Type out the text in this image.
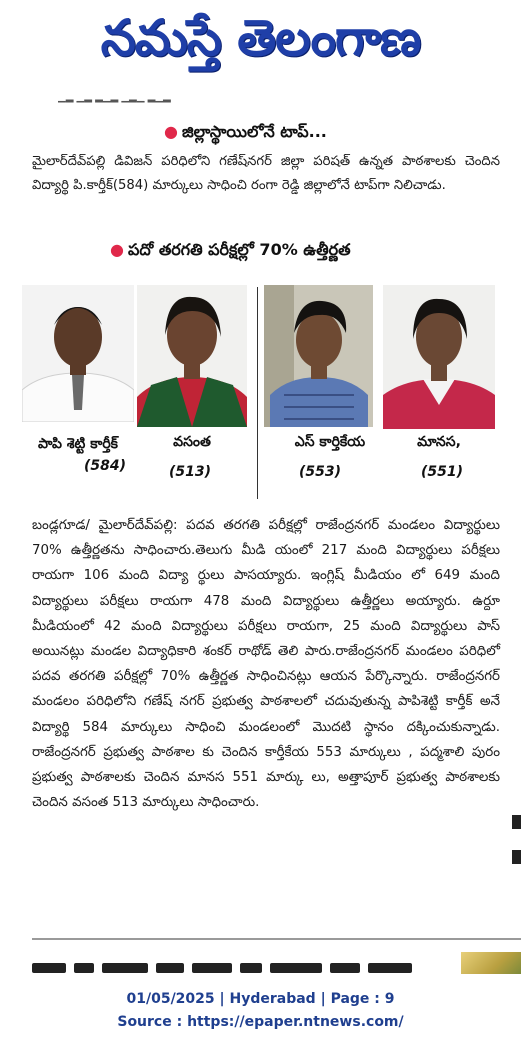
నమస్తే తెలంగాణ
▁▂ ▁▂ ▂▁▂ ▁▂▁ ▂▁▂
● జిల్లాస్థాయిలోనే టాప్...
మైలార్‌దేవ్‌పల్లి డివిజన్ పరిధిలోని గణేష్‌నగర్ జిల్లా పరిషత్ ఉన్నత పాఠశాలకు చెందిన విద్యార్థి పి.కార్తీక్(584) మార్కులు సాధించి రంగా రెడ్డి జిల్లాలోనే టాప్‌గా నిలిచాడు.
● పదో తరగతి పరీక్షల్లో 70% ఉత్తీర్ణత
పాపి శెట్టి కార్తీక్
(584)
వసంత
(513)
ఎస్ కార్తికేయ
(553)
మానస,
(551)
బండ్లగూడ/ మైలార్‌దేవ్‌పల్లి: పదవ తరగతి పరీక్షల్లో రాజేంద్రనగర్ మండలం విద్యార్థులు 70% ఉత్తీర్ణతను సాధించారు.తెలుగు మీడి యంలో 217 మంది విద్యార్థులు పరీక్షలు రాయగా 106 మంది విద్యా ర్థులు పాసయ్యారు. ఇంగ్లిష్ మీడియం లో 649 మంది విద్యార్థులు పరీక్షలు రాయగా 478 మంది విద్యార్థులు ఉత్తీర్ణలు అయ్యారు. ఉర్దూ మీడియంలో 42 మంది విద్యార్థులు పరీక్షలు రాయగా, 25 మంది విద్యార్థులు పాస్ అయినట్లు మండల విద్యాధికారి శంకర్ రాథోడ్ తెలి పారు.రాజేంద్రనగర్ మండలం పరిధిలో పదవ తరగతి పరీక్షల్లో 70% ఉత్తీర్ణత సాధించినట్లు ఆయన పేర్కొన్నారు. రాజేంద్రనగర్ మండలం పరిధిలోని గణేష్ నగర్ ప్రభుత్వ పాఠశాలలో చదువుతున్న పాపిశెట్టి కార్తీక్ అనే విద్యార్థి 584 మార్కులు సాధించి మండలంలో మొదటి స్థానం దక్కించుకున్నాడు. రాజేంద్రనగర్ ప్రభుత్వ పాఠశాల కు చెందిన కార్తీకేయ 553 మార్కులు , పద్మశాలి పురం ప్రభుత్వ పాఠశాలకు చెందిన మానస 551 మార్కు లు, అత్తాపూర్ ప్రభుత్వ పాఠశాలకు చెందిన వసంత 513 మార్కులు సాధించారు.
01/05/2025 | Hyderabad | Page : 9
Source : https://epaper.ntnews.com/
